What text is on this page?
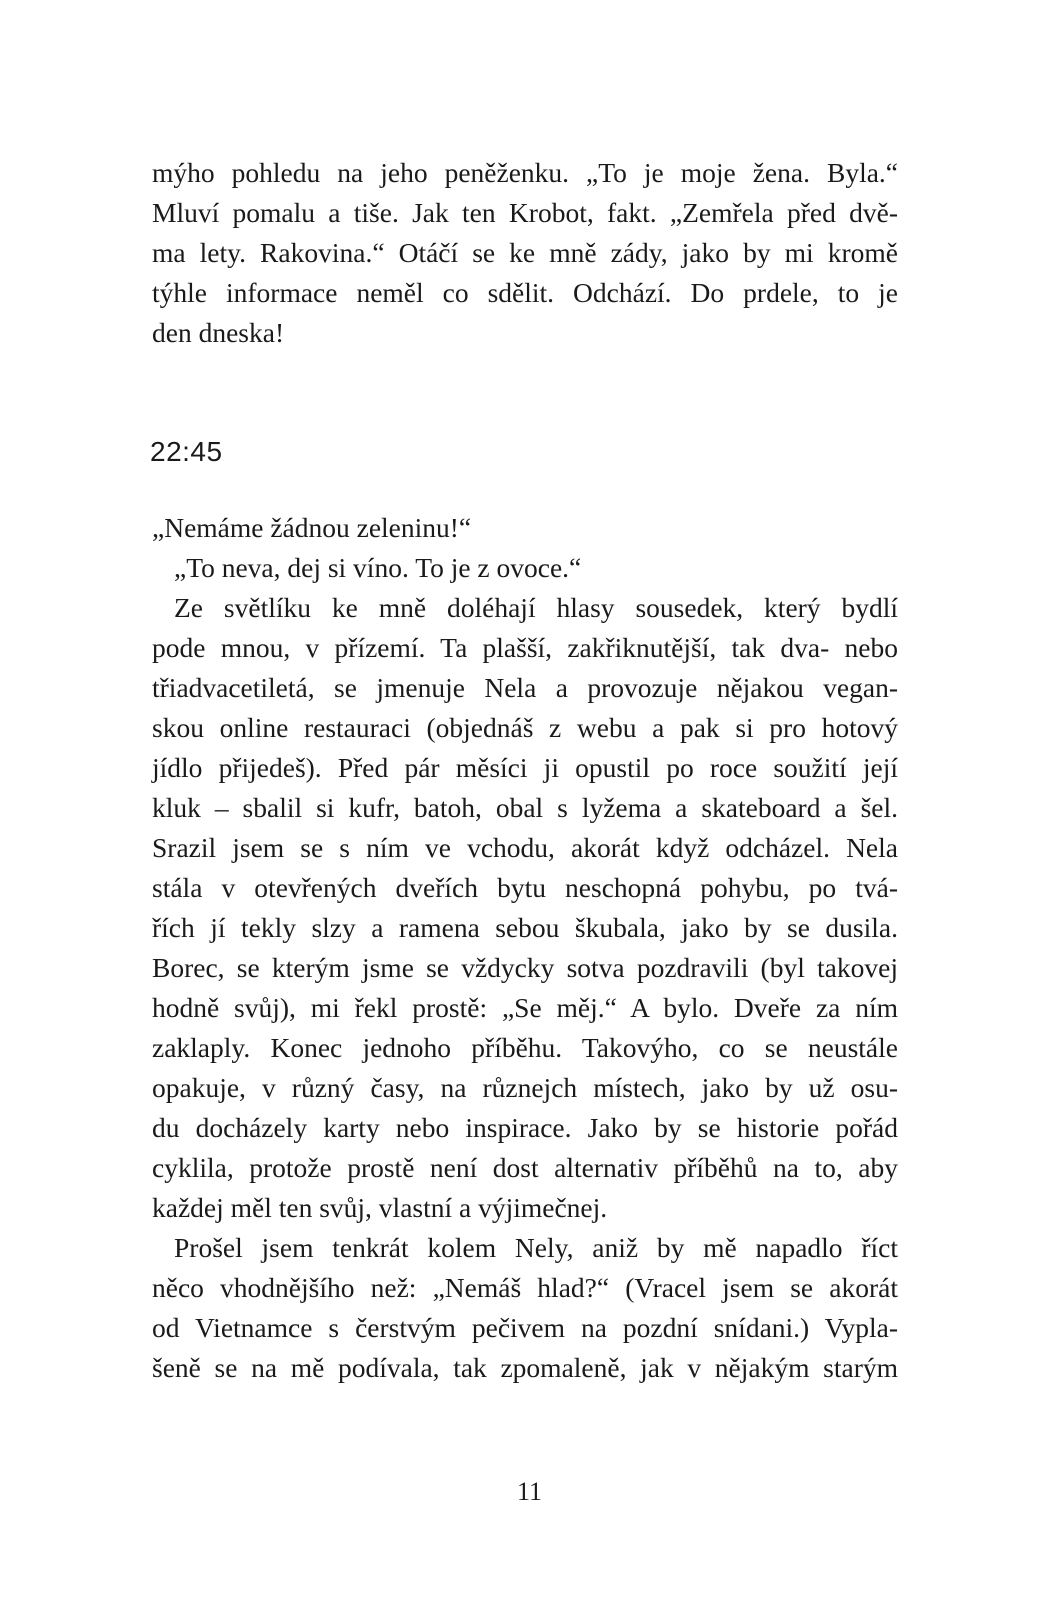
mýho pohledu na jeho peněženku. „To je moje žena. Byla.“
Mluví pomalu a tiše. Jak ten Krobot, fakt. „Zemřela před dvě-
ma lety. Rakovina.“ Otáčí se ke mně zády, jako by mi kromě
týhle informace neměl co sdělit. Odchází. Do prdele, to je
den dneska!
22:45
„Nemáme žádnou zeleninu!“
„To neva, dej si víno. To je z ovoce.“
Ze světlíku ke mně doléhají hlasy sousedek, který bydlí
pode mnou, v přízemí. Ta plašší, zakřiknutější, tak dva- nebo
třiadvacetiletá, se jmenuje Nela a provozuje nějakou vegan-
skou online restauraci (objednáš z webu a pak si pro hotový
jídlo přijedeš). Před pár měsíci ji opustil po roce soužití její
kluk – sbalil si kufr, batoh, obal s lyžema a skateboard a šel.
Srazil jsem se s ním ve vchodu, akorát když odcházel. Nela
stála v otevřených dveřích bytu neschopná pohybu, po tvá-
řích jí tekly slzy a ramena sebou škubala, jako by se dusila.
Borec, se kterým jsme se vždycky sotva pozdravili (byl takovej
hodně svůj), mi řekl prostě: „Se měj.“ A bylo. Dveře za ním
zaklaply. Konec jednoho příběhu. Takovýho, co se neustále
opakuje, v různý časy, na různejch místech, jako by už osu-
du docházely karty nebo inspirace. Jako by se historie pořád
cyklila, protože prostě není dost alternativ příběhů na to, aby
každej měl ten svůj, vlastní a výjimečnej.
Prošel jsem tenkrát kolem Nely, aniž by mě napadlo říct
něco vhodnějšího než: „Nemáš hlad?“ (Vracel jsem se akorát
od Vietnamce s čerstvým pečivem na pozdní snídani.) Vypla-
šeně se na mě podívala, tak zpomaleně, jak v nějakým starým
11
